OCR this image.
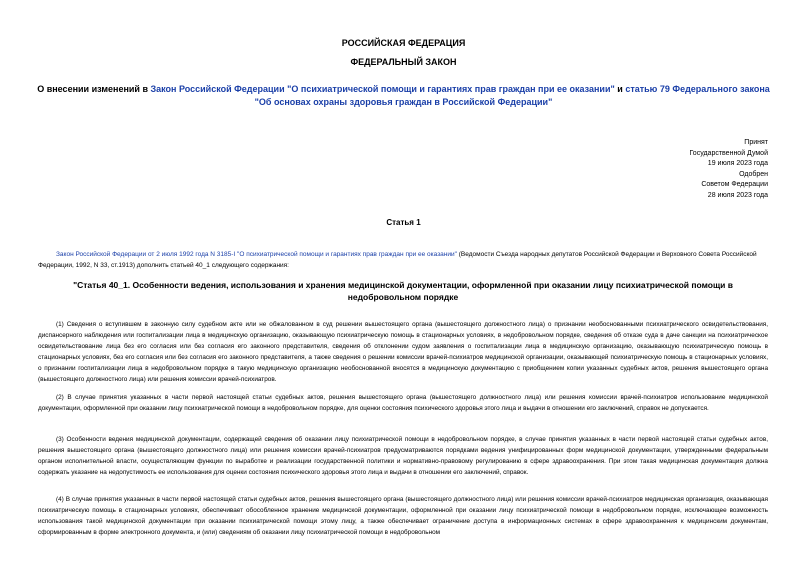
РОССИЙСКАЯ ФЕДЕРАЦИЯ
ФЕДЕРАЛЬНЫЙ ЗАКОН
О внесении изменений в Закон Российской Федерации "О психиатрической помощи и гарантиях прав граждан при ее оказании" и статью 79 Федерального закона "Об основах охраны здоровья граждан в Российской Федерации"
Принят
Государственной Думой
19 июля 2023 года
Одобрен
Советом Федерации
28 июля 2023 года
Статья 1
Закон Российской Федерации от 2 июля 1992 года N 3185-I "О психиатрической помощи и гарантиях прав граждан при ее оказании" (Ведомости Съезда народных депутатов Российской Федерации и Верховного Совета Российской Федерации, 1992, N 33, ст.1913) дополнить статьей 40_1 следующего содержания:
"Статья 40_1. Особенности ведения, использования и хранения медицинской документации, оформленной при оказании лицу психиатрической помощи в недобровольном порядке
(1) Сведения о вступившем в законную силу судебном акте или не обжалованном в суд решении вышестоящего органа (вышестоящего должностного лица) о признании необоснованными психиатрического освидетельствования, диспансерного наблюдения или госпитализации лица в медицинскую организацию, оказывающую психиатрическую помощь в стационарных условиях, в недобровольном порядке, сведения об отказе суда в даче санкции на психиатрическое освидетельствование лица без его согласия или без согласия его законного представителя, сведения об отклонении судом заявления о госпитализации лица в медицинскую организацию, оказывающую психиатрическую помощь в стационарных условиях, без его согласия или без согласия его законного представителя, а также сведения о решении комиссии врачей-психиатров медицинской организации, оказывающей психиатрическую помощь в стационарных условиях, о признании госпитализации лица в недобровольном порядке в такую медицинскую организацию необоснованной вносятся в медицинскую документацию с приобщением копии указанных судебных актов, решения вышестоящего органа (вышестоящего должностного лица) или решения комиссии врачей-психиатров.
(2) В случае принятия указанных в части первой настоящей статьи судебных актов, решения вышестоящего органа (вышестоящего должностного лица) или решения комиссии врачей-психиатров использование медицинской документации, оформленной при оказании лицу психиатрической помощи в недобровольном порядке, для оценки состояния психического здоровья этого лица и выдачи в отношении его заключений, справок не допускается.
(3) Особенности ведения медицинской документации, содержащей сведения об оказании лицу психиатрической помощи в недобровольном порядке, в случае принятия указанных в части первой настоящей статьи судебных актов, решения вышестоящего органа (вышестоящего должностного лица) или решения комиссии врачей-психиатров предусматриваются порядками ведения унифицированных форм медицинской документации, утвержденными федеральным органом исполнительной власти, осуществляющим функции по выработке и реализации государственной политики и нормативно-правовому регулированию в сфере здравоохранения. При этом такая медицинская документация должна содержать указание на недопустимость ее использования для оценки состояния психического здоровья этого лица и выдачи в отношении его заключений, справок.
(4) В случае принятия указанных в части первой настоящей статьи судебных актов, решения вышестоящего органа (вышестоящего должностного лица) или решения комиссии врачей-психиатров медицинская организация, оказывающая психиатрическую помощь в стационарных условиях, обеспечивает обособленное хранение медицинской документации, оформленной при оказании лицу психиатрической помощи в недобровольном порядке, исключающее возможность использования такой медицинской документации при оказании психиатрической помощи этому лицу, а также обеспечивает ограничение доступа в информационных системах в сфере здравоохранения к медицинским документам, сформированным в форме электронного документа, и (или) сведениям об оказании лицу психиатрической помощи в недобровольном
